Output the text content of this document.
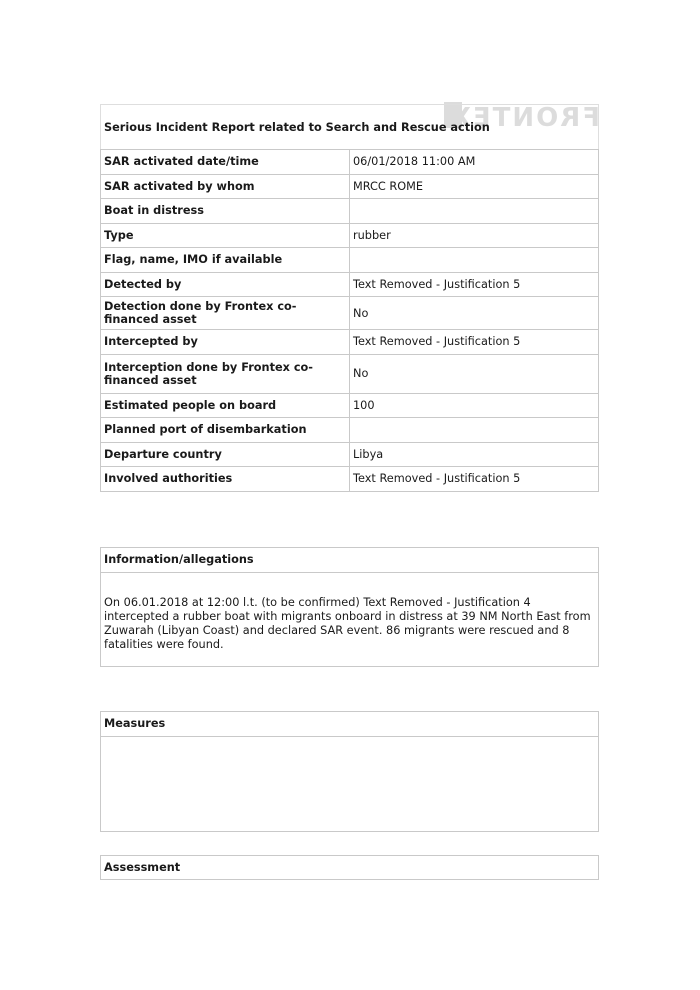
FRONTEX
Serious Incident Report related to Search and Rescue action	
SAR activated date/time	06/01/2018 11:00 AM
SAR activated by whom	MRCC ROME
Boat in distress	
Type	rubber
Flag, name, IMO if available	
Detected by	Text Removed - Justification 5
Detection done by Frontex co-financed asset	No
Intercepted by	Text Removed - Justification 5
Interception done by Frontex co-financed asset	No
Estimated people on board	100
Planned port of disembarkation	
Departure country	Libya
Involved authorities	Text Removed - Justification 5
Information/allegations
On 06.01.2018 at 12:00 l.t. (to be confirmed) Text Removed - Justification 4 intercepted a rubber boat with migrants onboard in distress at 39 NM North East from Zuwarah (Libyan Coast) and declared SAR event. 86 migrants were rescued and 8 fatalities were found.
Measures
Assessment
